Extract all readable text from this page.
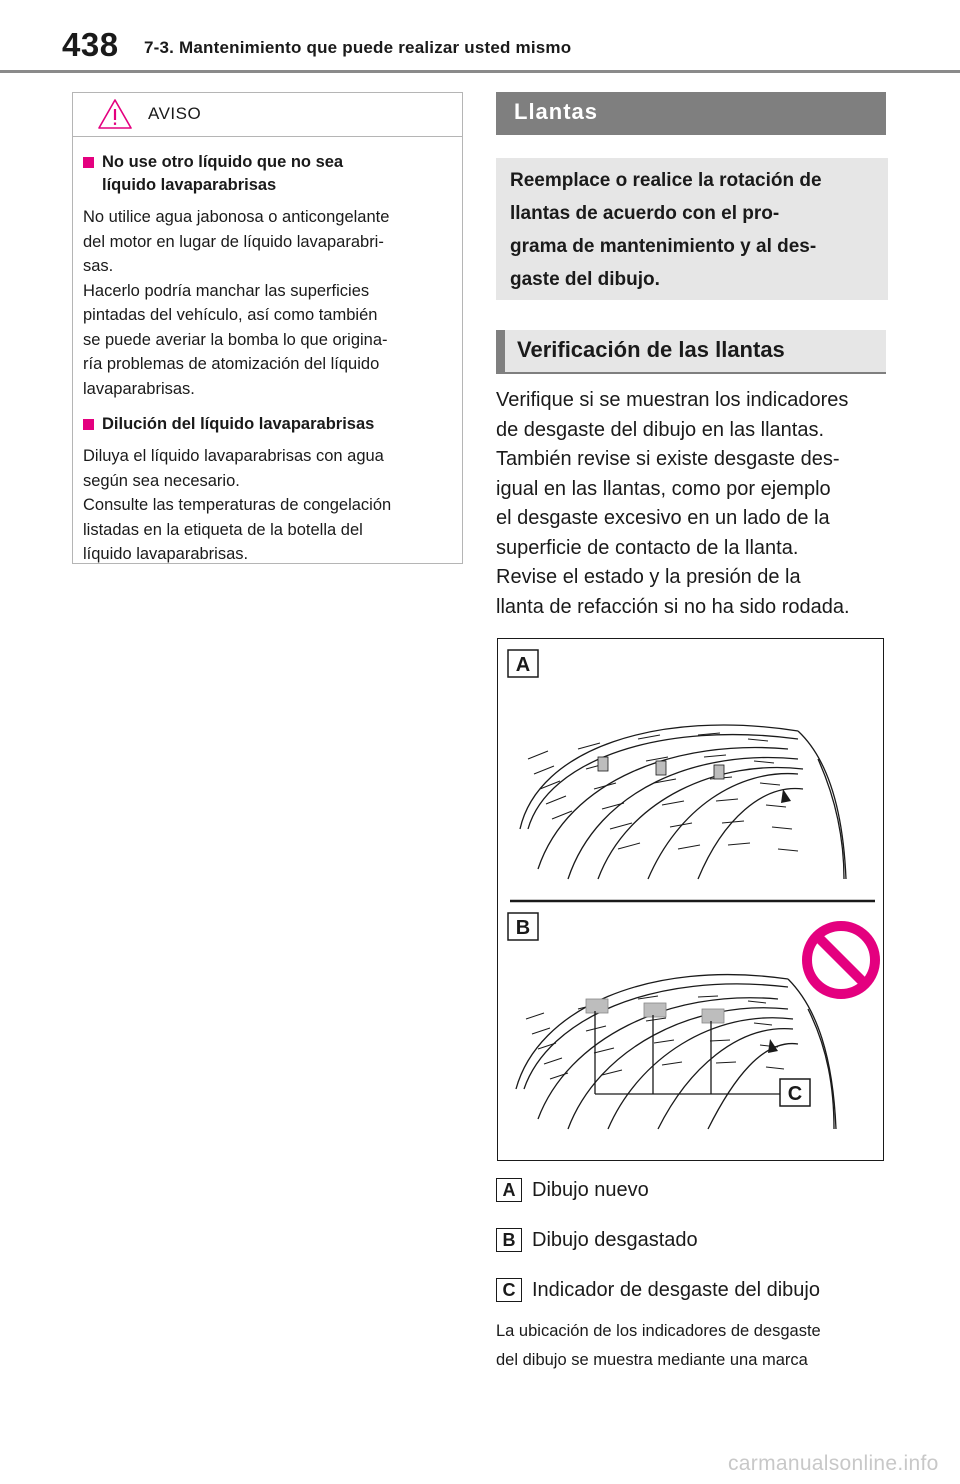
438 7-3. Mantenimiento que puede realizar usted mismo
AVISO
No use otro líquido que no sea
líquido lavaparabrisas
No utilice agua jabonosa o anticongelante
del motor en lugar de líquido lavaparabri-
sas.
Hacerlo podría manchar las superficies
pintadas del vehículo, así como también
se puede averiar la bomba lo que origina-
ría problemas de atomización del líquido
lavaparabrisas.
Dilución del líquido lavaparabrisas
Diluya el líquido lavaparabrisas con agua
según sea necesario.
Consulte las temperaturas de congelación
listadas en la etiqueta de la botella del
líquido lavaparabrisas.
Llantas
Reemplace o realice la rotación de
llantas de acuerdo con el pro-
grama de mantenimiento y al des-
gaste del dibujo.
Verificación de las llantas
Verifique si se muestran los indicadores
de desgaste del dibujo en las llantas.
También revise si existe desgaste des-
igual en las llantas, como por ejemplo
el desgaste excesivo en un lado de la
superficie de contacto de la llanta.
Revise el estado y la presión de la
llanta de refacción si no ha sido rodada.
A
B
C
A Dibujo nuevo
B Dibujo desgastado
C Indicador de desgaste del dibujo
La ubicación de los indicadores de desgaste
del dibujo se muestra mediante una marca
carmanualsonline.info
